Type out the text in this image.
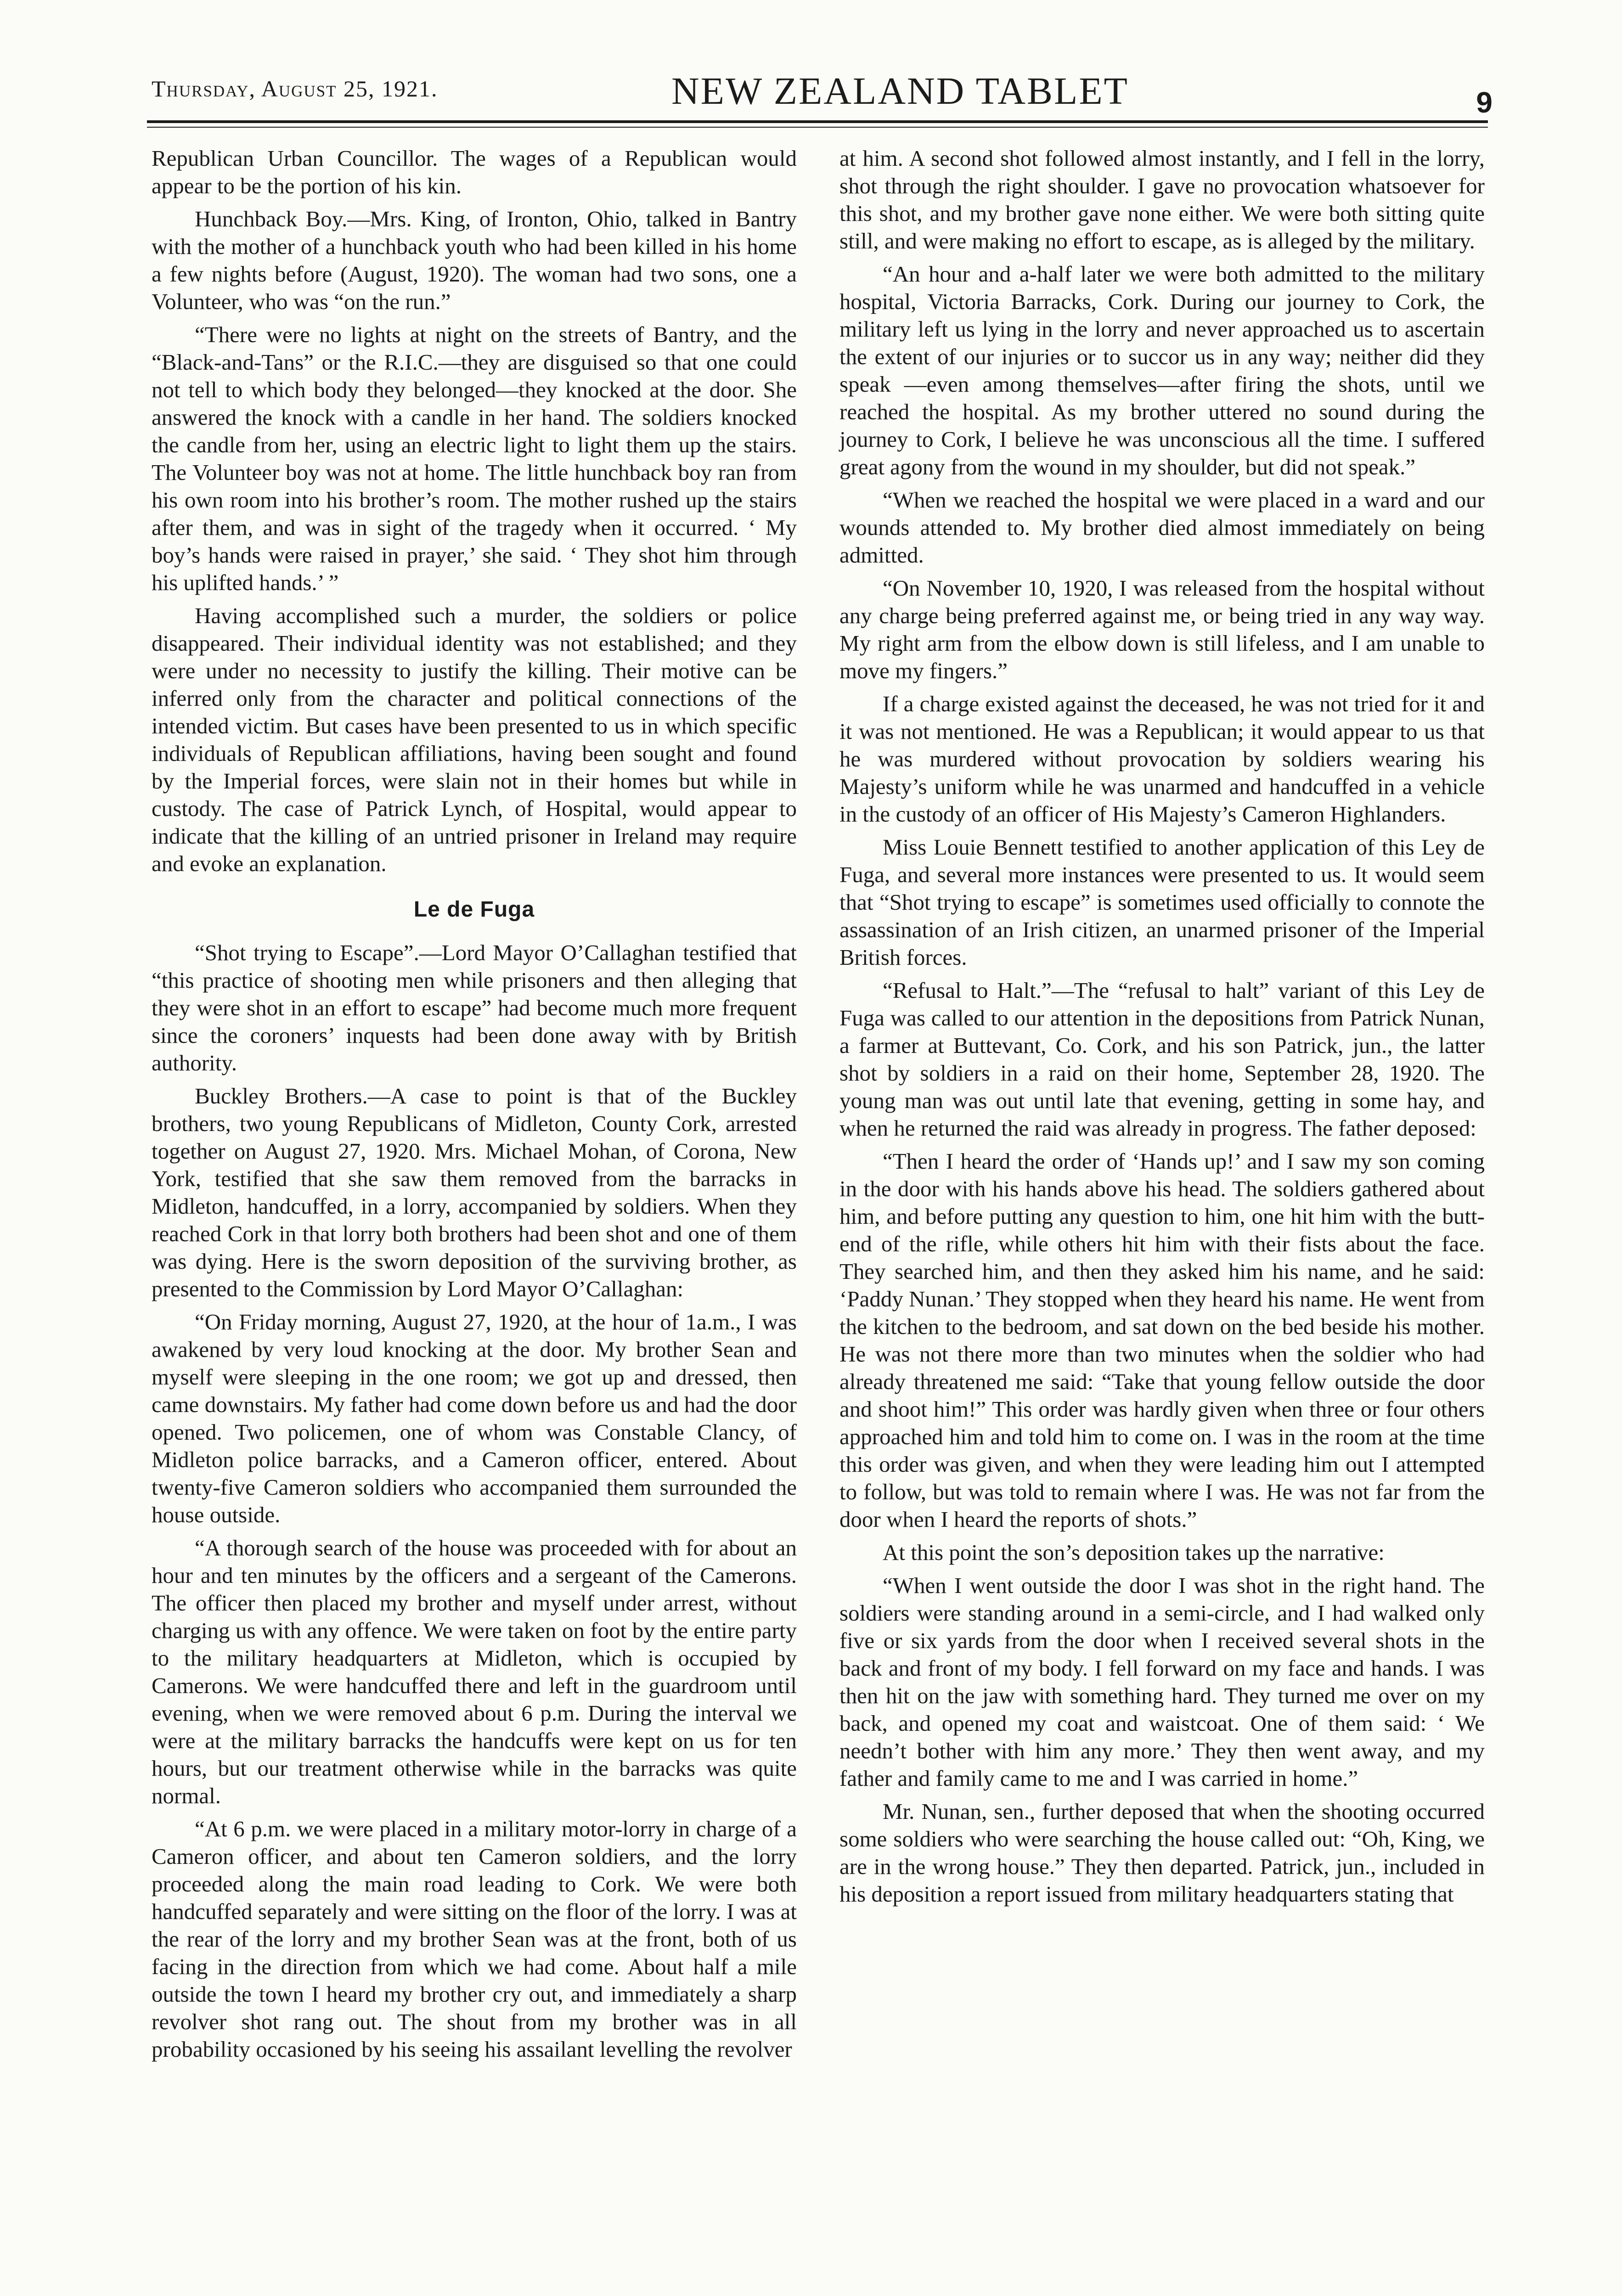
Thursday, August 25, 1921.	NEW ZEALAND TABLET	9

Republican Urban Councillor. The wages of a Republican would appear to be the portion of his kin.

Hunchback Boy.—Mrs. King, of Ironton, Ohio, talked in Bantry with the mother of a hunchback youth who had been killed in his home a few nights before (August, 1920). The woman had two sons, one a Volunteer, who was “on the run.”

“There were no lights at night on the streets of Bantry, and the “Black-and-Tans” or the R.I.C.—they are disguised so that one could not tell to which body they belonged—they knocked at the door. She answered the knock with a candle in her hand. The soldiers knocked the candle from her, using an electric light to light them up the stairs. The Volunteer boy was not at home. The little hunchback boy ran from his own room into his brother’s room. The mother rushed up the stairs after them, and was in sight of the tragedy when it occurred. ‘ My boy’s hands were raised in prayer,’ she said. ‘ They shot him through his uplifted hands.’ ”

Having accomplished such a murder, the soldiers or police disappeared. Their individual identity was not established; and they were under no necessity to justify the killing. Their motive can be inferred only from the character and political connections of the intended victim. But cases have been presented to us in which specific individuals of Republican affiliations, having been sought and found by the Imperial forces, were slain not in their homes but while in custody. The case of Patrick Lynch, of Hospital, would appear to indicate that the killing of an untried prisoner in Ireland may require and evoke an explanation.

Le de Fuga

“Shot trying to Escape”.—Lord Mayor O’Callaghan testified that “this practice of shooting men while prisoners and then alleging that they were shot in an effort to escape” had become much more frequent since the coroners’ inquests had been done away with by British authority.

Buckley Brothers.—A case to point is that of the Buckley brothers, two young Republicans of Midleton, County Cork, arrested together on August 27, 1920. Mrs. Michael Mohan, of Corona, New York, testified that she saw them removed from the barracks in Midleton, handcuffed, in a lorry, accompanied by soldiers. When they reached Cork in that lorry both brothers had been shot and one of them was dying. Here is the sworn deposition of the surviving brother, as presented to the Commission by Lord Mayor O’Callaghan:

“On Friday morning, August 27, 1920, at the hour of 1a.m., I was awakened by very loud knocking at the door. My brother Sean and myself were sleeping in the one room; we got up and dressed, then came downstairs. My father had come down before us and had the door opened. Two policemen, one of whom was Constable Clancy, of Midleton police barracks, and a Cameron officer, entered. About twenty-five Cameron soldiers who accompanied them surrounded the house outside.

“A thorough search of the house was proceeded with for about an hour and ten minutes by the officers and a sergeant of the Camerons. The officer then placed my brother and myself under arrest, without charging us with any offence. We were taken on foot by the entire party to the military headquarters at Midleton, which is occupied by Camerons. We were handcuffed there and left in the guardroom until evening, when we were removed about 6 p.m. During the interval we were at the military barracks the handcuffs were kept on us for ten hours, but our treatment otherwise while in the barracks was quite normal.

“At 6 p.m. we were placed in a military motor-lorry in charge of a Cameron officer, and about ten Cameron soldiers, and the lorry proceeded along the main road leading to Cork. We were both handcuffed separately and were sitting on the floor of the lorry. I was at the rear of the lorry and my brother Sean was at the front, both of us facing in the direction from which we had come. About half a mile outside the town I heard my brother cry out, and immediately a sharp revolver shot rang out. The shout from my brother was in all probability occasioned by his seeing his assailant levelling the revolver

at him. A second shot followed almost instantly, and I fell in the lorry, shot through the right shoulder. I gave no provocation whatsoever for this shot, and my brother gave none either. We were both sitting quite still, and were making no effort to escape, as is alleged by the military.

“An hour and a-half later we were both admitted to the military hospital, Victoria Barracks, Cork. During our journey to Cork, the military left us lying in the lorry and never approached us to ascertain the extent of our injuries or to succor us in any way; neither did they speak —even among themselves—after firing the shots, until we reached the hospital. As my brother uttered no sound during the journey to Cork, I believe he was unconscious all the time. I suffered great agony from the wound in my shoulder, but did not speak.”

“When we reached the hospital we were placed in a ward and our wounds attended to. My brother died almost immediately on being admitted.

“On November 10, 1920, I was released from the hospital without any charge being preferred against me, or being tried in any way way. My right arm from the elbow down is still lifeless, and I am unable to move my fingers.”

If a charge existed against the deceased, he was not tried for it and it was not mentioned. He was a Republican; it would appear to us that he was murdered without provocation by soldiers wearing his Majesty’s uniform while he was unarmed and handcuffed in a vehicle in the custody of an officer of His Majesty’s Cameron Highlanders.

Miss Louie Bennett testified to another application of this Ley de Fuga, and several more instances were presented to us. It would seem that “Shot trying to escape” is sometimes used officially to connote the assassination of an Irish citizen, an unarmed prisoner of the Imperial British forces.

“Refusal to Halt.”—The “refusal to halt” variant of this Ley de Fuga was called to our attention in the depositions from Patrick Nunan, a farmer at Buttevant, Co. Cork, and his son Patrick, jun., the latter shot by soldiers in a raid on their home, September 28, 1920. The young man was out until late that evening, getting in some hay, and when he returned the raid was already in progress. The father deposed:

“Then I heard the order of ‘Hands up!’ and I saw my son coming in the door with his hands above his head. The soldiers gathered about him, and before putting any question to him, one hit him with the butt-end of the rifle, while others hit him with their fists about the face. They searched him, and then they asked him his name, and he said: ‘Paddy Nunan.’ They stopped when they heard his name. He went from the kitchen to the bedroom, and sat down on the bed beside his mother. He was not there more than two minutes when the soldier who had already threatened me said: “Take that young fellow outside the door and shoot him!” This order was hardly given when three or four others approached him and told him to come on. I was in the room at the time this order was given, and when they were leading him out I attempted to follow, but was told to remain where I was. He was not far from the door when I heard the reports of shots.”

At this point the son’s deposition takes up the narrative:

“When I went outside the door I was shot in the right hand. The soldiers were standing around in a semi-circle, and I had walked only five or six yards from the door when I received several shots in the back and front of my body. I fell forward on my face and hands. I was then hit on the jaw with something hard. They turned me over on my back, and opened my coat and waistcoat. One of them said: ‘ We needn’t bother with him any more.’ They then went away, and my father and family came to me and I was carried in home.”

Mr. Nunan, sen., further deposed that when the shooting occurred some soldiers who were searching the house called out: “Oh, King, we are in the wrong house.” They then departed. Patrick, jun., included in his deposition a report issued from military headquarters stating that
